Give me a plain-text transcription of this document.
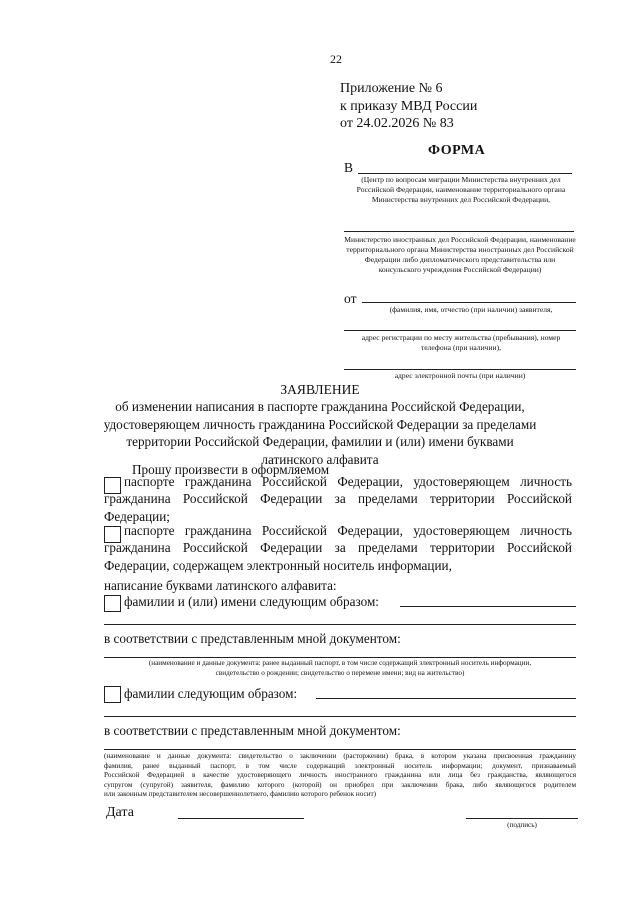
22
Приложение № 6
к приказу МВД России
от 24.02.2026 № 83
ФОРМА
В
(Центр по вопросам миграции Министерства внутренних дел Российской Федерации, наименование территориального органа Министерства внутренних дел Российской Федерации,
Министерство иностранных дел Российской Федерации, наименование территориального органа Министерства иностранных дел Российской Федерации либо дипломатического представительства или консульского учреждения Российской Федерации)
от
(фамилия, имя, отчество (при наличии) заявителя,
адрес регистрации по месту жительства (пребывания), номер телефона (при наличии),
адрес электронной почты (при наличии)
ЗАЯВЛЕНИЕ
об изменении написания в паспорте гражданина Российской Федерации,
удостоверяющем личность гражданина Российской Федерации за пределами
территории Российской Федерации, фамилии и (или) имени буквами
латинского алфавита
Прошу произвести в оформляемом
паспорте гражданина Российской Федерации, удостоверяющем личность
гражданина Российской Федерации за пределами территории Российской
Федерации;
паспорте гражданина Российской Федерации, удостоверяющем личность
гражданина Российской Федерации за пределами территории Российской
Федерации, содержащем электронный носитель информации,
написание буквами латинского алфавита:
фамилии и (или) имени следующим образом:
в соответствии с представленным мной документом:
(наименование и данные документа: ранее выданный паспорт, в том числе содержащий электронный носитель информации,
свидетельство о рождении; свидетельство о перемене имени; вид на жительство)
фамилии следующим образом:
в соответствии с представленным мной документом:
(наименование и данные документа: свидетельство о заключении (расторжении) брака, в котором указана присвоенная гражданину
фамилия, ранее выданный паспорт, в том числе содержащий электронный носитель информации; документ, признаваемый
Российской Федерацией в качестве удостоверяющего личность иностранного гражданина или лица без гражданства, являющегося
супругом (супругой) заявителя, фамилию которого (которой) он приобрел при заключении брака, либо являющегося родителем
или законным представителем несовершеннолетнего, фамилию которого ребенок носит)
Дата
(подпись)
